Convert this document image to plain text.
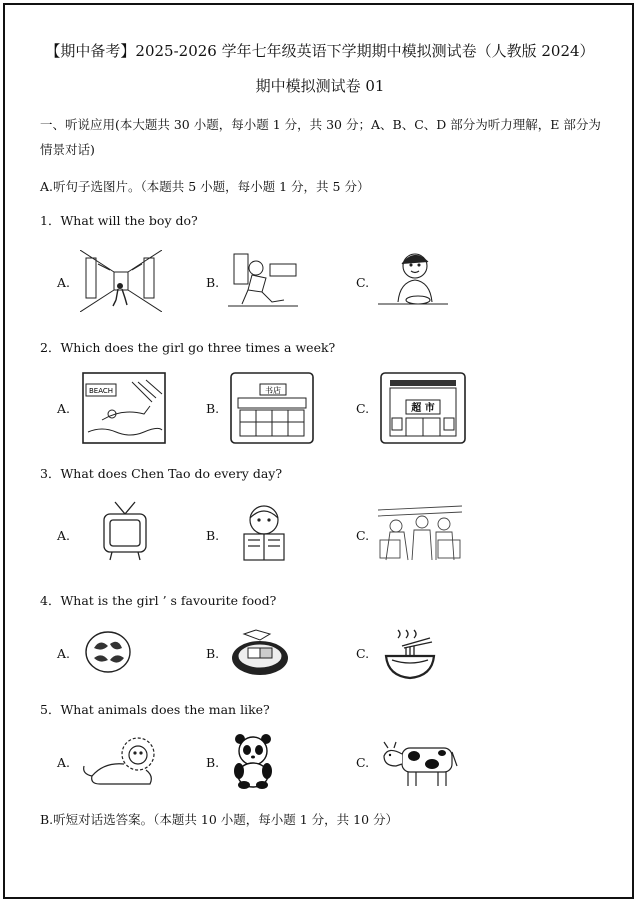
【期中备考】2025-2026 学年七年级英语下学期期中模拟测试卷（人教版 2024）
期中模拟测试卷 01
一、听说应用(本大题共 30 小题，每小题 1 分，共 30 分；A、B、C、D 部分为听力理解，E 部分为
情景对话)
A.听句子选图片。（本题共 5 小题，每小题 1 分，共 5 分）
1．What will the boy do?
A.	B.	C.
2．Which does the girl go three times a week?
A.	B.	C.
BEACH	书店
超 市
3．What does Chen Tao do every day?
A.	B.	C.
4．What is the girl ’ s favourite food?
A.	B.	C.
5．What animals does the man like?
A.	B.	C.
B.听短对话选答案。（本题共 10 小题，每小题 1 分，共 10 分）
